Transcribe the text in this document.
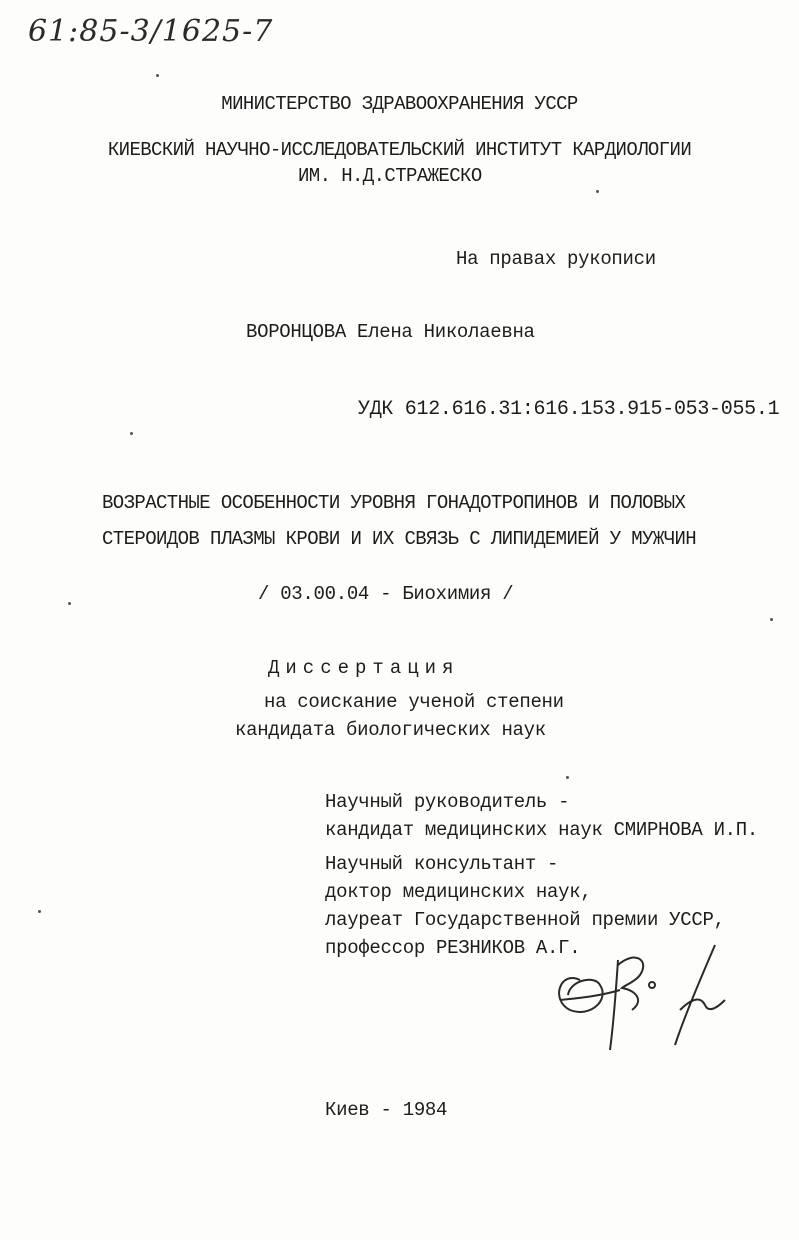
61:85-3/1625-7
МИНИСТЕРСТВО ЗДРАВООХРАНЕНИЯ УССР
КИЕВСКИЙ НАУЧНО-ИССЛЕДОВАТЕЛЬСКИЙ ИНСТИТУТ КАРДИОЛОГИИ
ИМ. Н.Д.СТРАЖЕСКО
На правах рукописи
ВОРОНЦОВА Елена Николаевна
УДК 612.616.31:616.153.915-053-055.1
ВОЗРАСТНЫЕ ОСОБЕННОСТИ УРОВНЯ ГОНАДОТРОПИНОВ И ПОЛОВЫХ
СТЕРОИДОВ ПЛАЗМЫ КРОВИ И ИХ СВЯЗЬ С ЛИПИДЕМИЕЙ У МУЖЧИН
/ 03.00.04 - Биохимия /
Диссертация
на соискание ученой степени
кандидата биологических наук
Научный руководитель -
кандидат медицинских наук СМИРНОВА И.П.
Научный консультант -
доктор медицинских наук,
лауреат Государственной премии УССР,
профессор РЕЗНИКОВ А.Г.
Киев - 1984
